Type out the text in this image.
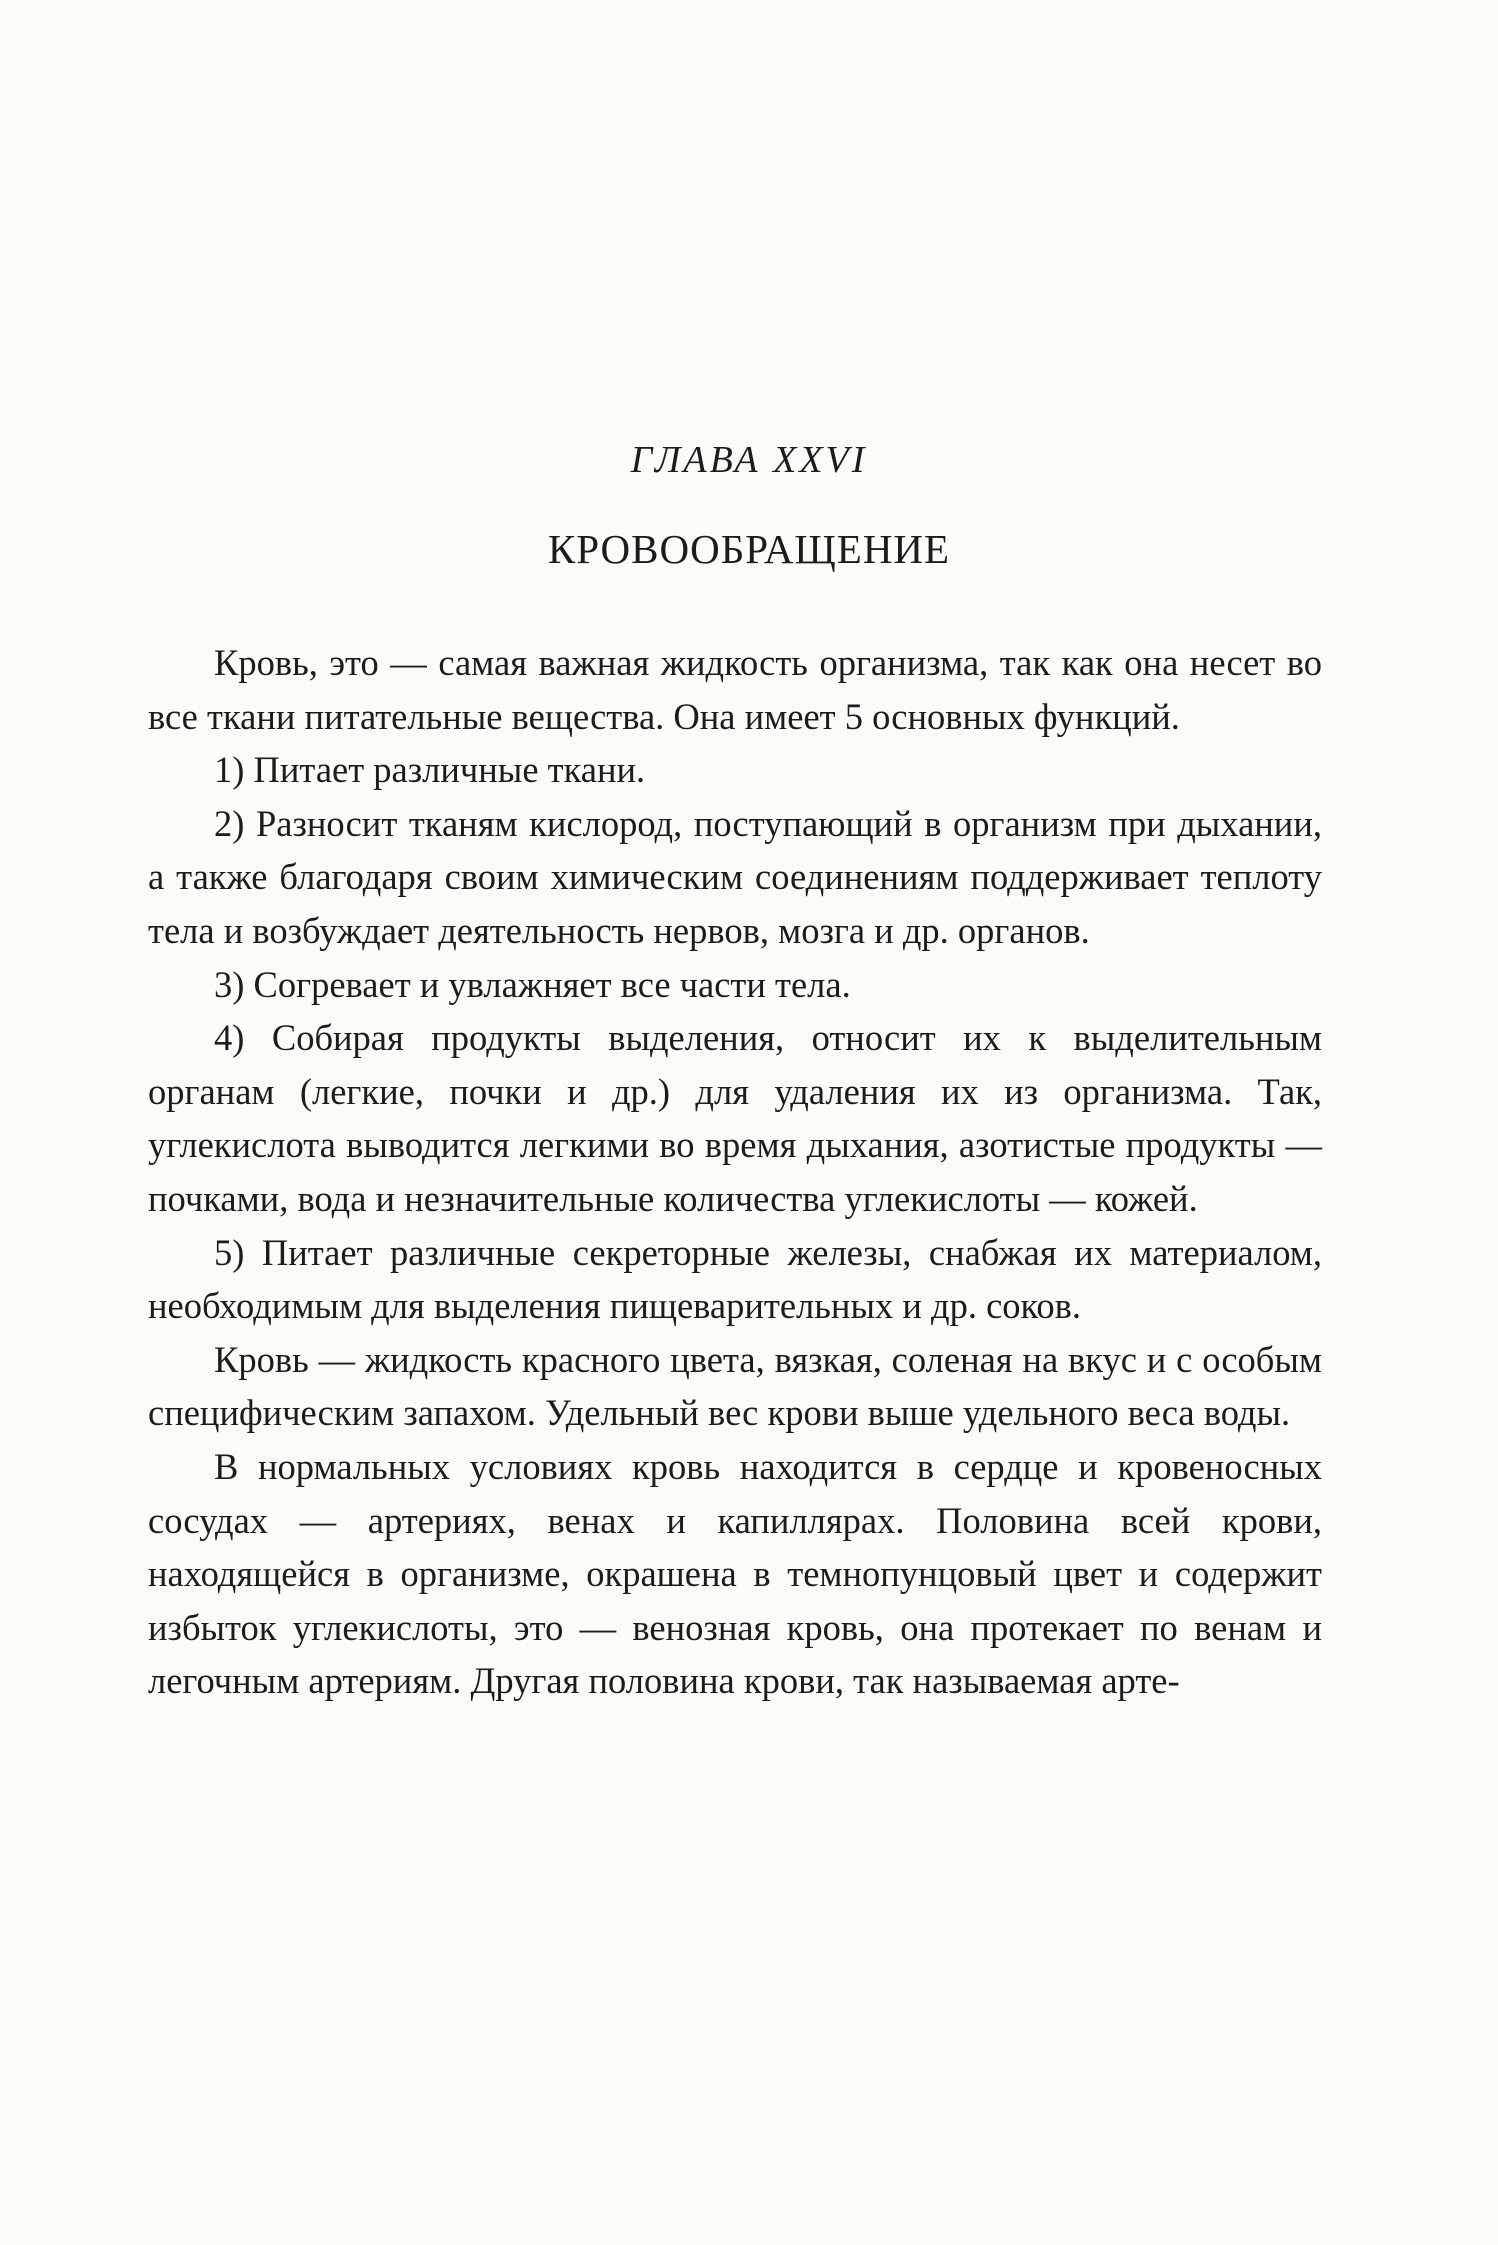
ГЛАВА XXVI
КРОВООБРАЩЕНИЕ

Кровь, это — самая важная жидкость организма, так как она несет во все ткани питательные вещества. Она имеет 5 основных функций.

1) Питает различные ткани.

2) Разносит тканям кислород, поступающий в организм при дыхании, а также благодаря своим химическим соединениям поддерживает теплоту тела и возбуждает деятельность нервов, мозга и др. органов.

3) Согревает и увлажняет все части тела.

4) Собирая продукты выделения, относит их к выделительным органам (легкие, почки и др.) для удаления их из организма. Так, углекислота выводится легкими во время дыхания, азотистые продукты — почками, вода и незначительные количества углекислоты — кожей.

5) Питает различные секреторные железы, снабжая их материалом, необходимым для выделения пищеварительных и др. соков.

Кровь — жидкость красного цвета, вязкая, соленая на вкус и с особым специфическим запахом. Удельный вес крови выше удельного веса воды.

В нормальных условиях кровь находится в сердце и кровеносных сосудах — артериях, венах и капиллярах. Половина всей крови, находящейся в организме, окрашена в темнопунцовый цвет и содержит избыток углекислоты, это — венозная кровь, она протекает по венам и легочным артериям. Другая половина крови, так называемая арте-
